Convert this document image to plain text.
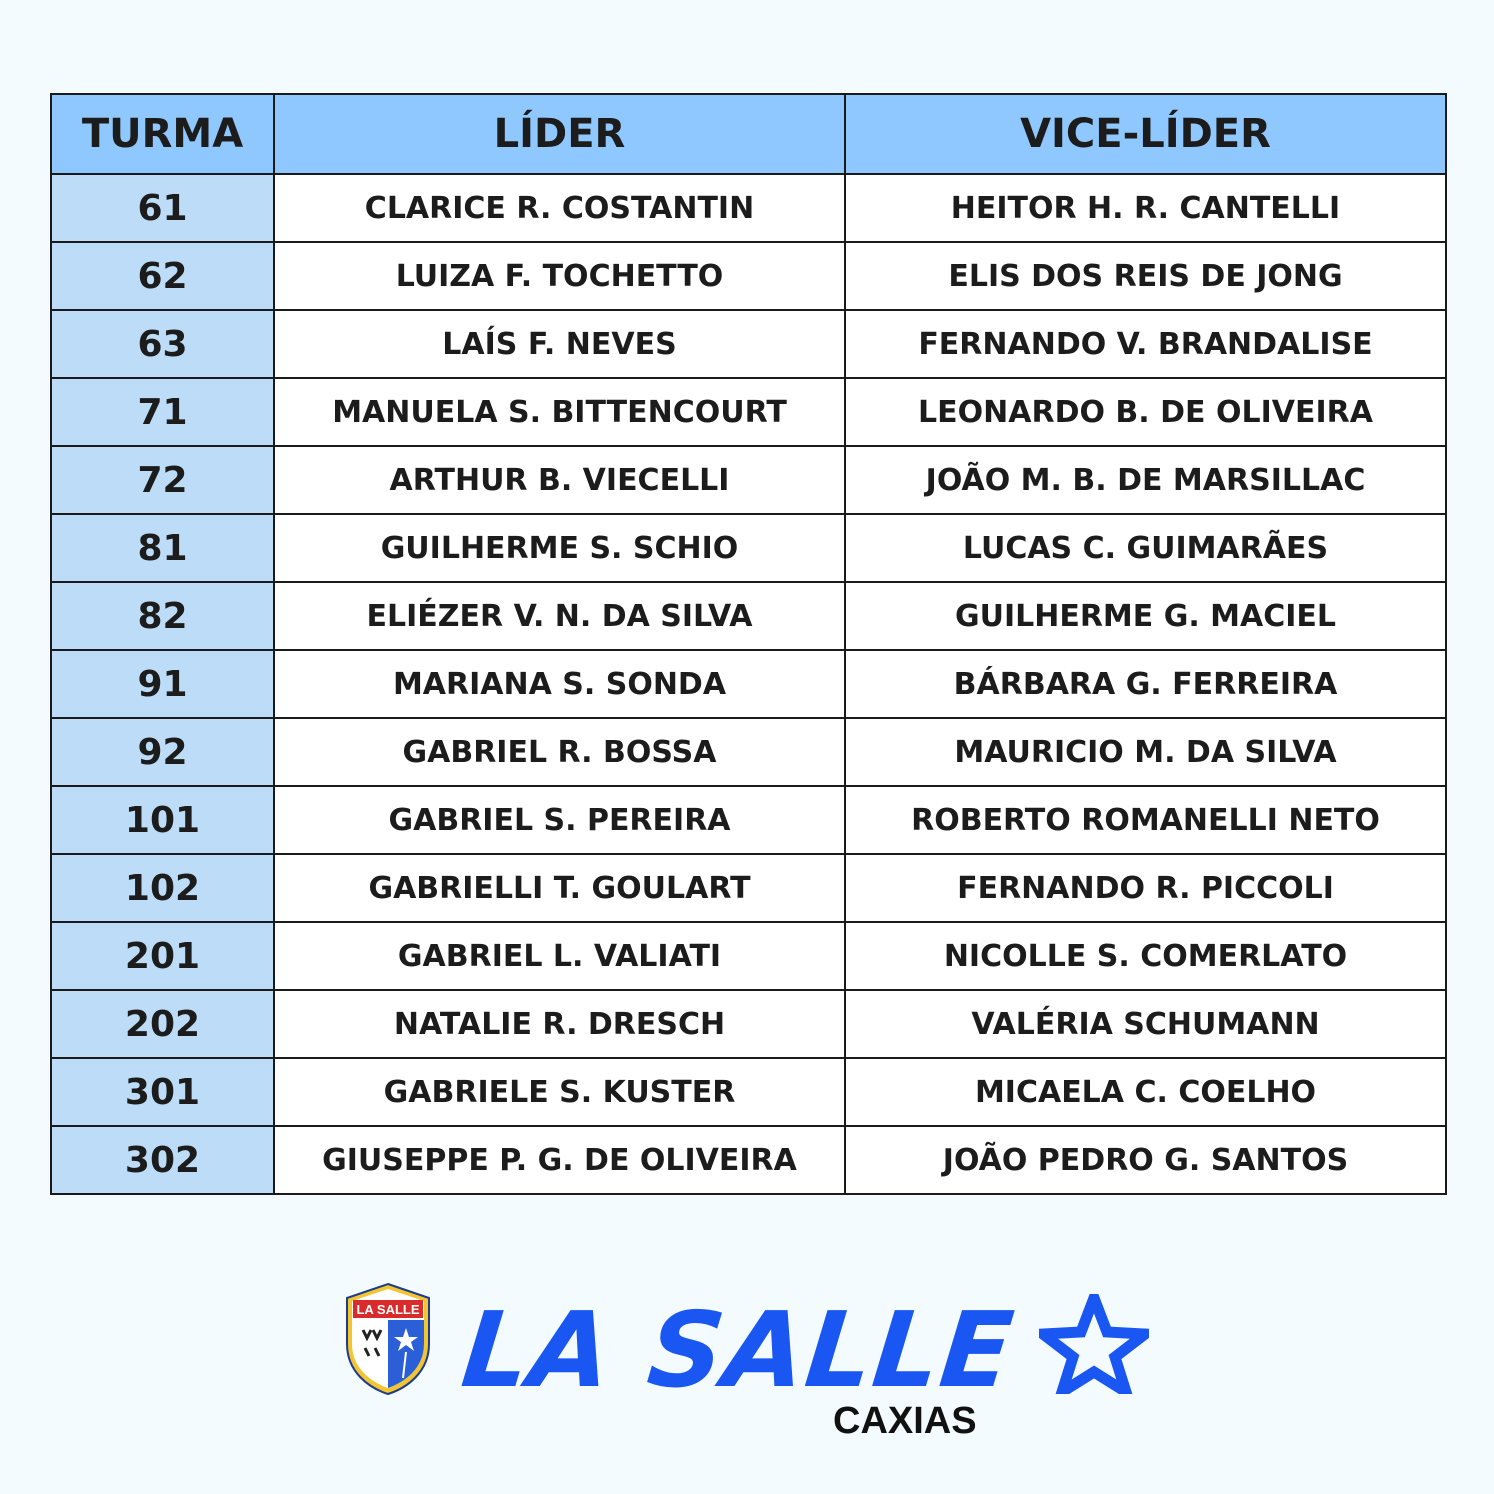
TURMA	LÍDER	VICE-LÍDER
61	CLARICE R. COSTANTIN	HEITOR H. R. CANTELLI
62	LUIZA F. TOCHETTO	ELIS DOS REIS DE JONG
63	LAÍS F. NEVES	FERNANDO V. BRANDALISE
71	MANUELA S. BITTENCOURT	LEONARDO B. DE OLIVEIRA
72	ARTHUR B. VIECELLI	JOÃO M. B. DE MARSILLAC
81	GUILHERME S. SCHIO	LUCAS C. GUIMARÃES
82	ELIÉZER V. N. DA SILVA	GUILHERME G. MACIEL
91	MARIANA S. SONDA	BÁRBARA G. FERREIRA
92	GABRIEL R. BOSSA	MAURICIO M. DA SILVA
101	GABRIEL S. PEREIRA	ROBERTO ROMANELLI NETO
102	GABRIELLI T. GOULART	FERNANDO R. PICCOLI
201	GABRIEL L. VALIATI	NICOLLE S. COMERLATO
202	NATALIE R. DRESCH	VALÉRIA SCHUMANN
301	GABRIELE S. KUSTER	MICAELA C. COELHO
302	GIUSEPPE P. G. DE OLIVEIRA	JOÃO PEDRO G. SANTOS
LA SALLE LA SALLE
CAXIAS
